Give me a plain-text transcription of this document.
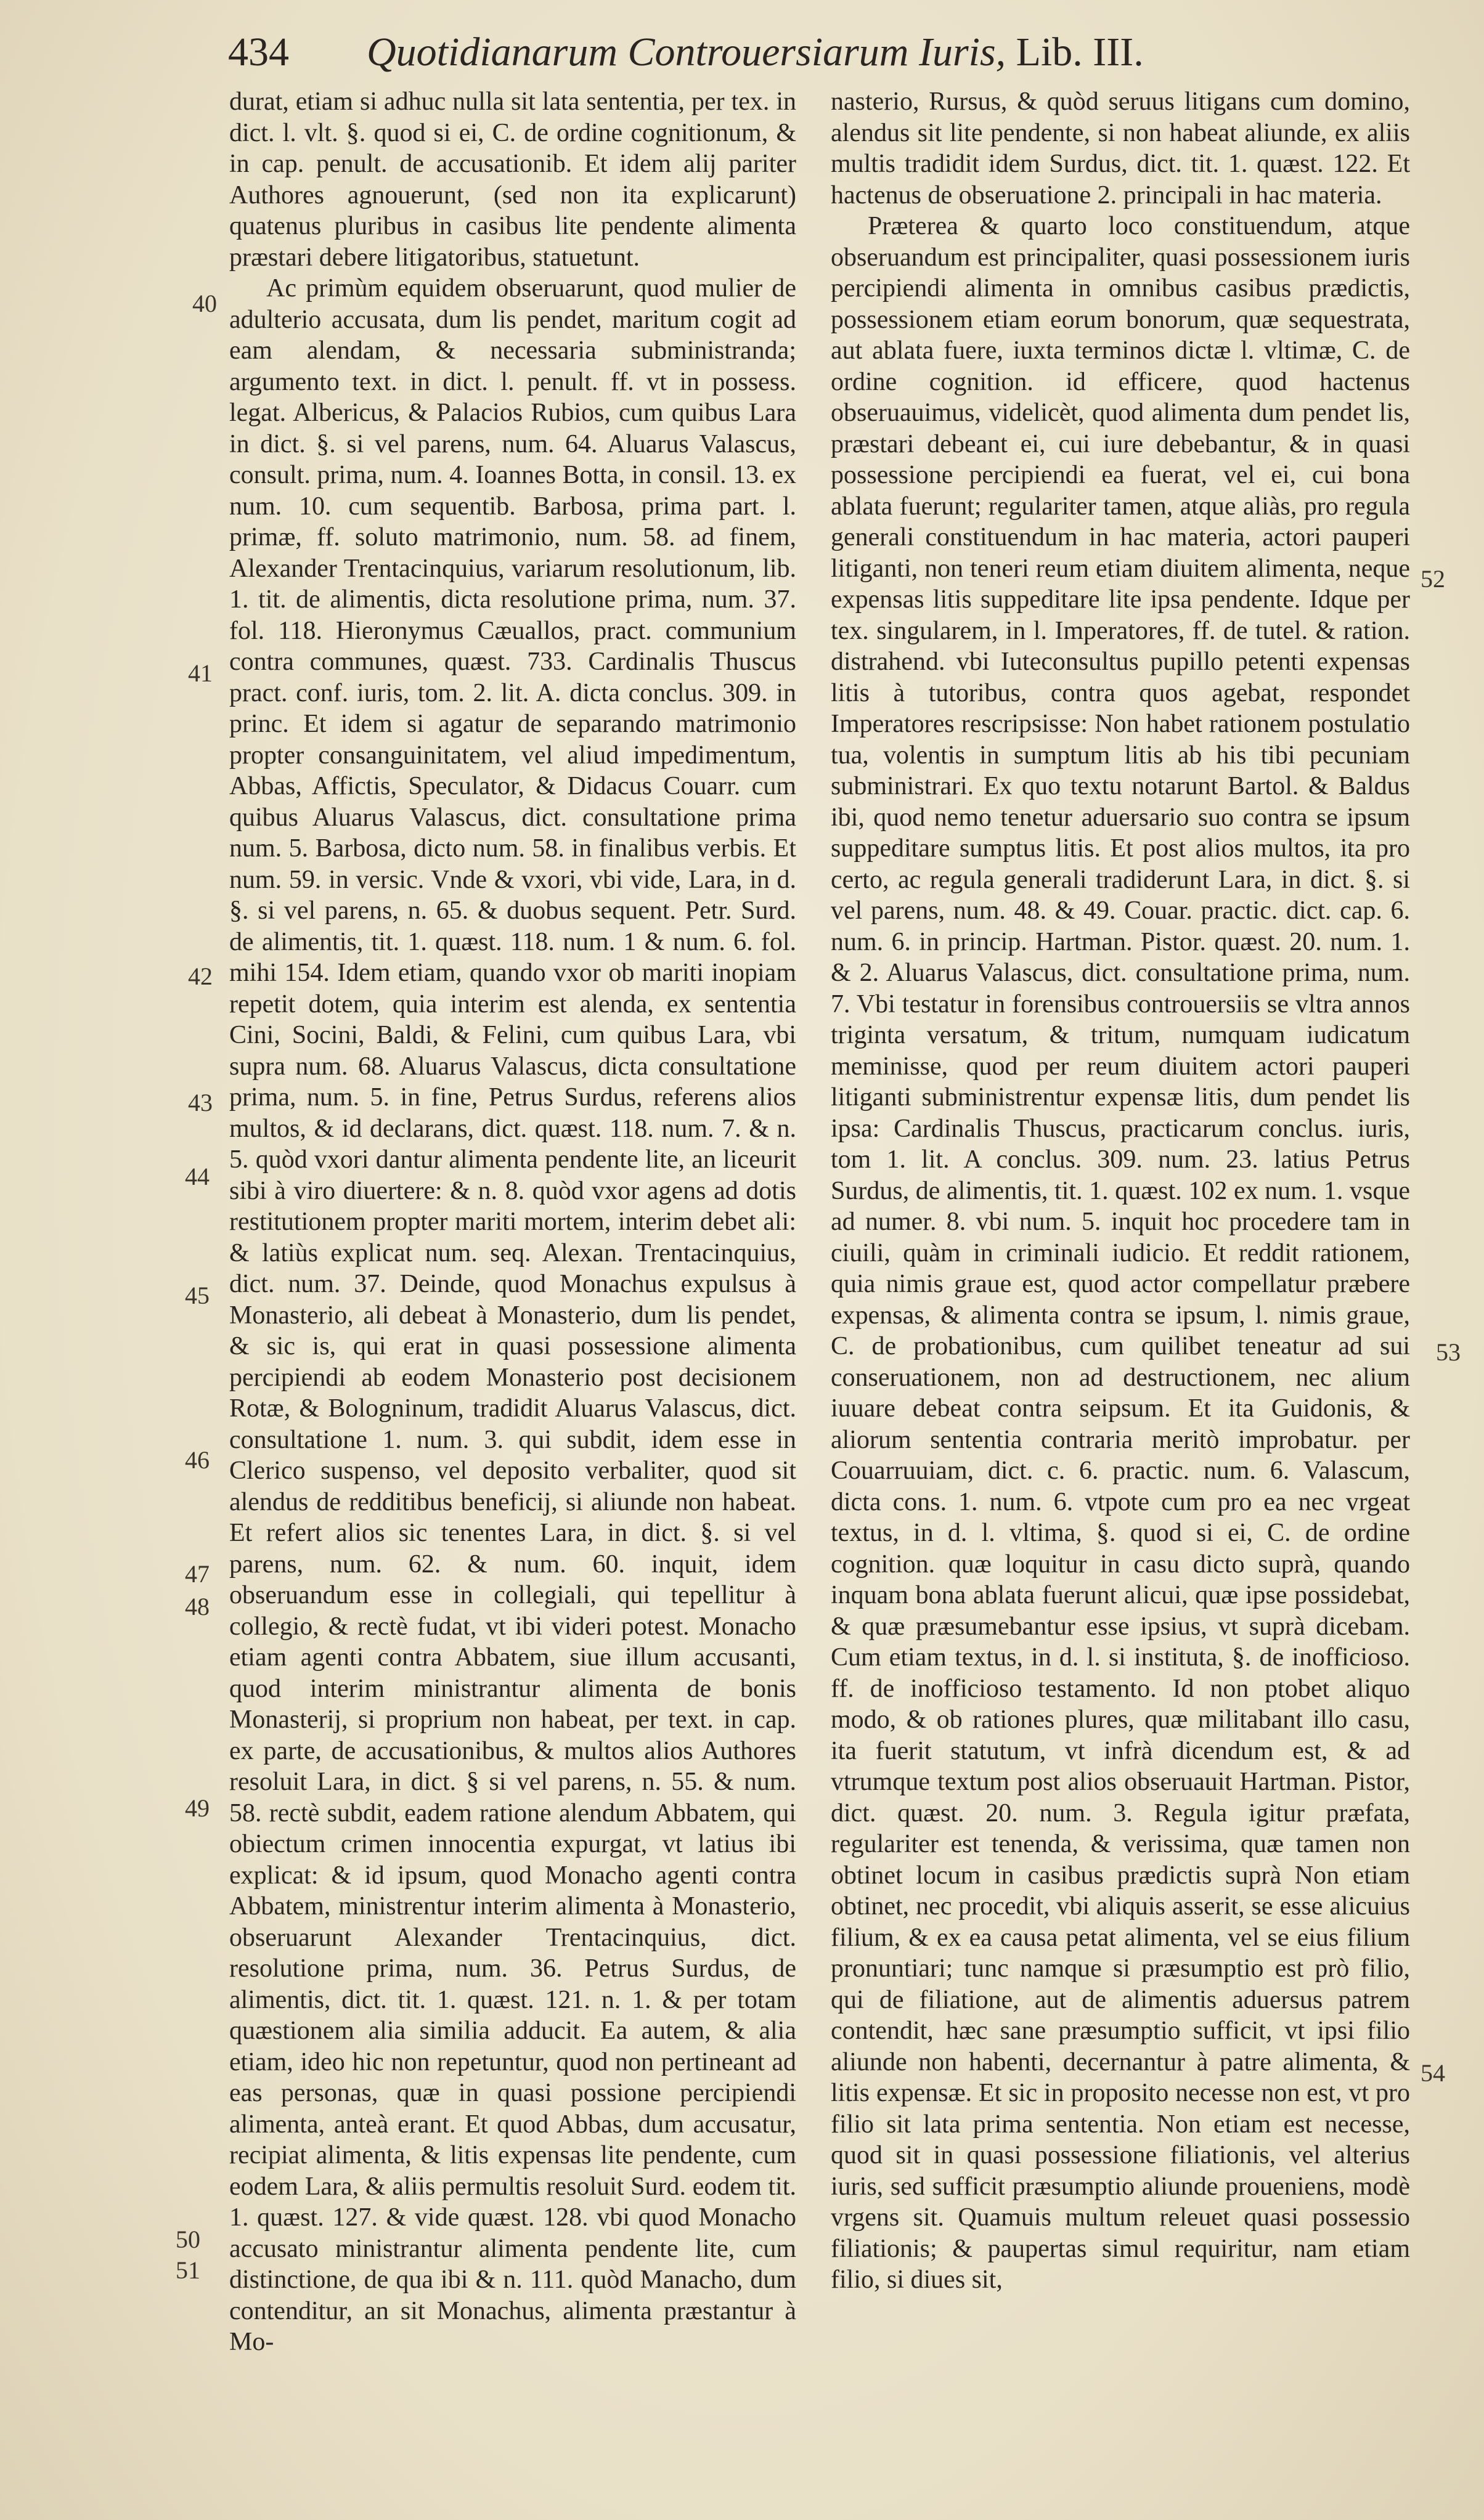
434 Quotidianarum Controuersiarum Iuris, Lib. III.
40
41
42
43
44
45
46
47
48
49
50
51
52
53
54

durat, etiam si adhuc nulla sit lata sententia, per tex. in dict. l. vlt. §. quod si ei, C. de ordine cognitionum, & in cap. penult. de accusationib. Et idem alij pariter Authores agnouerunt, (sed non ita explicarunt) quatenus pluribus in casibus lite pendente alimenta præstari debere litigatoribus, statuetunt.

Ac primùm equidem obseruarunt, quod mulier de adulterio accusata, dum lis pendet, maritum cogit ad eam alendam, & necessaria subministranda; argumento text. in dict. l. penult. ff. vt in possess. legat. Albericus, & Palacios Rubios, cum quibus Lara in dict. §. si vel parens, num. 64. Aluarus Valascus, consult. prima, num. 4. Ioannes Botta, in consil. 13. ex num. 10. cum sequentib. Barbosa, prima part. l. primæ, ff. soluto matrimonio, num. 58. ad finem, Alexander Trentacinquius, variarum resolutionum, lib. 1. tit. de alimentis, dicta resolutione prima, num. 37. fol. 118. Hieronymus Cæuallos, pract. communium contra communes, quæst. 733. Cardinalis Thuscus pract. conf. iuris, tom. 2. lit. A. dicta conclus. 309. in princ. Et idem si agatur de separando matrimonio propter consanguinitatem, vel aliud impedimentum, Abbas, Affictis, Speculator, & Didacus Couarr. cum quibus Aluarus Valascus, dict. consultatione prima num. 5. Barbosa, dicto num. 58. in finalibus verbis. Et num. 59. in versic. Vnde & vxori, vbi vide, Lara, in d. §. si vel parens, n. 65. & duobus sequent. Petr. Surd. de alimentis, tit. 1. quæst. 118. num. 1 & num. 6. fol. mihi 154. Idem etiam, quando vxor ob mariti inopiam repetit dotem, quia interim est alenda, ex sententia Cini, Socini, Baldi, & Felini, cum quibus Lara, vbi supra num. 68. Aluarus Valascus, dicta consultatione prima, num. 5. in fine, Petrus Surdus, referens alios multos, & id declarans, dict. quæst. 118. num. 7. & n. 5. quòd vxori dantur alimenta pendente lite, an liceurit sibi à viro diuertere: & n. 8. quòd vxor agens ad dotis restitutionem propter mariti mortem, interim debet ali: & latiùs explicat num. seq. Alexan. Trentacinquius, dict. num. 37. Deinde, quod Monachus expulsus à Monasterio, ali debeat à Monasterio, dum lis pendet, & sic is, qui erat in quasi possessione alimenta percipiendi ab eodem Monasterio post decisionem Rotæ, & Bologninum, tradidit Aluarus Valascus, dict. consultatione 1. num. 3. qui subdit, idem esse in Clerico suspenso, vel deposito verbaliter, quod sit alendus de redditibus beneficij, si aliunde non habeat. Et refert alios sic tenentes Lara, in dict. §. si vel parens, num. 62. & num. 60. inquit, idem obseruandum esse in collegiali, qui tepellitur à collegio, & rectè fudat, vt ibi videri potest. Monacho etiam agenti contra Abbatem, siue illum accusanti, quod interim ministrantur alimenta de bonis Monasterij, si proprium non habeat, per text. in cap. ex parte, de accusationibus, & multos alios Authores resoluit Lara, in dict. § si vel parens, n. 55. & num. 58. rectè subdit, eadem ratione alendum Abbatem, qui obiectum crimen innocentia expurgat, vt latius ibi explicat: & id ipsum, quod Monacho agenti contra Abbatem, ministrentur interim alimenta à Monasterio, obseruarunt Alexander Trentacinquius, dict. resolutione prima, num. 36. Petrus Surdus, de alimentis, dict. tit. 1. quæst. 121. n. 1. & per totam quæstionem alia similia adducit. Ea autem, & alia etiam, ideo hic non repetuntur, quod non pertineant ad eas personas, quæ in quasi possione percipiendi alimenta, anteà erant. Et quod Abbas, dum accusatur, recipiat alimenta, & litis expensas lite pendente, cum eodem Lara, & aliis permultis resoluit Surd. eodem tit. 1. quæst. 127. & vide quæst. 128. vbi quod Monacho accusato ministrantur alimenta pendente lite, cum distinctione, de qua ibi & n. 111. quòd Manacho, dum contenditur, an sit Monachus, alimenta præstantur à Mo-

nasterio, Rursus, & quòd seruus litigans cum domino, alendus sit lite pendente, si non habeat aliunde, ex aliis multis tradidit idem Surdus, dict. tit. 1. quæst. 122. Et hactenus de obseruatione 2. principali in hac materia.

Præterea & quarto loco constituendum, atque obseruandum est principaliter, quasi possessionem iuris percipiendi alimenta in omnibus casibus prædictis, possessionem etiam eorum bonorum, quæ sequestrata, aut ablata fuere, iuxta terminos dictæ l. vltimæ, C. de ordine cognition. id efficere, quod hactenus obseruauimus, videlicèt, quod alimenta dum pendet lis, præstari debeant ei, cui iure debebantur, & in quasi possessione percipiendi ea fuerat, vel ei, cui bona ablata fuerunt; regulariter tamen, atque aliàs, pro regula generali constituendum in hac materia, actori pauperi litiganti, non teneri reum etiam diuitem alimenta, neque expensas litis suppeditare lite ipsa pendente. Idque per tex. singularem, in l. Imperatores, ff. de tutel. & ration. distrahend. vbi Iuteconsultus pupillo petenti expensas litis à tutoribus, contra quos agebat, respondet Imperatores rescripsisse: Non habet rationem postulatio tua, volentis in sumptum litis ab his tibi pecuniam subministrari. Ex quo textu notarunt Bartol. & Baldus ibi, quod nemo tenetur aduersario suo contra se ipsum suppeditare sumptus litis. Et post alios multos, ita pro certo, ac regula generali tradiderunt Lara, in dict. §. si vel parens, num. 48. & 49. Couar. practic. dict. cap. 6. num. 6. in princip. Hartman. Pistor. quæst. 20. num. 1. & 2. Aluarus Valascus, dict. consultatione prima, num. 7. Vbi testatur in forensibus controuersiis se vltra annos triginta versatum, & tritum, numquam iudicatum meminisse, quod per reum diuitem actori pauperi litiganti subministrentur expensæ litis, dum pendet lis ipsa: Cardinalis Thuscus, practicarum conclus. iuris, tom 1. lit. A conclus. 309. num. 23. latius Petrus Surdus, de alimentis, tit. 1. quæst. 102 ex num. 1. vsque ad numer. 8. vbi num. 5. inquit hoc procedere tam in ciuili, quàm in criminali iudicio. Et reddit rationem, quia nimis graue est, quod actor compellatur præbere expensas, & alimenta contra se ipsum, l. nimis graue, C. de probationibus, cum quilibet teneatur ad sui conseruationem, non ad destructionem, nec alium iuuare debeat contra seipsum. Et ita Guidonis, & aliorum sententia contraria meritò improbatur. per Couarruuiam, dict. c. 6. practic. num. 6. Valascum, dicta cons. 1. num. 6. vtpote cum pro ea nec vrgeat textus, in d. l. vltima, §. quod si ei, C. de ordine cognition. quæ loquitur in casu dicto suprà, quando inquam bona ablata fuerunt alicui, quæ ipse possidebat, & quæ præsumebantur esse ipsius, vt suprà dicebam. Cum etiam textus, in d. l. si instituta, §. de inofficioso. ff. de inofficioso testamento. Id non ptobet aliquo modo, & ob rationes plures, quæ militabant illo casu, ita fuerit statutum, vt infrà dicendum est, & ad vtrumque textum post alios obseruauit Hartman. Pistor, dict. quæst. 20. num. 3. Regula igitur præfata, regulariter est tenenda, & verissima, quæ tamen non obtinet locum in casibus prædictis suprà Non etiam obtinet, nec procedit, vbi aliquis asserit, se esse alicuius filium, & ex ea causa petat alimenta, vel se eius filium pronuntiari; tunc namque si præsumptio est prò filio, qui de filiatione, aut de alimentis aduersus patrem contendit, hæc sane præsumptio sufficit, vt ipsi filio aliunde non habenti, decernantur à patre alimenta, & litis expensæ. Et sic in proposito necesse non est, vt pro filio sit lata prima sententia. Non etiam est necesse, quod sit in quasi possessione filiationis, vel alterius iuris, sed sufficit præsumptio aliunde proueniens, modè vrgens sit. Quamuis multum releuet quasi possessio filiationis; & paupertas simul requiritur, nam etiam filio, si diues sit,
